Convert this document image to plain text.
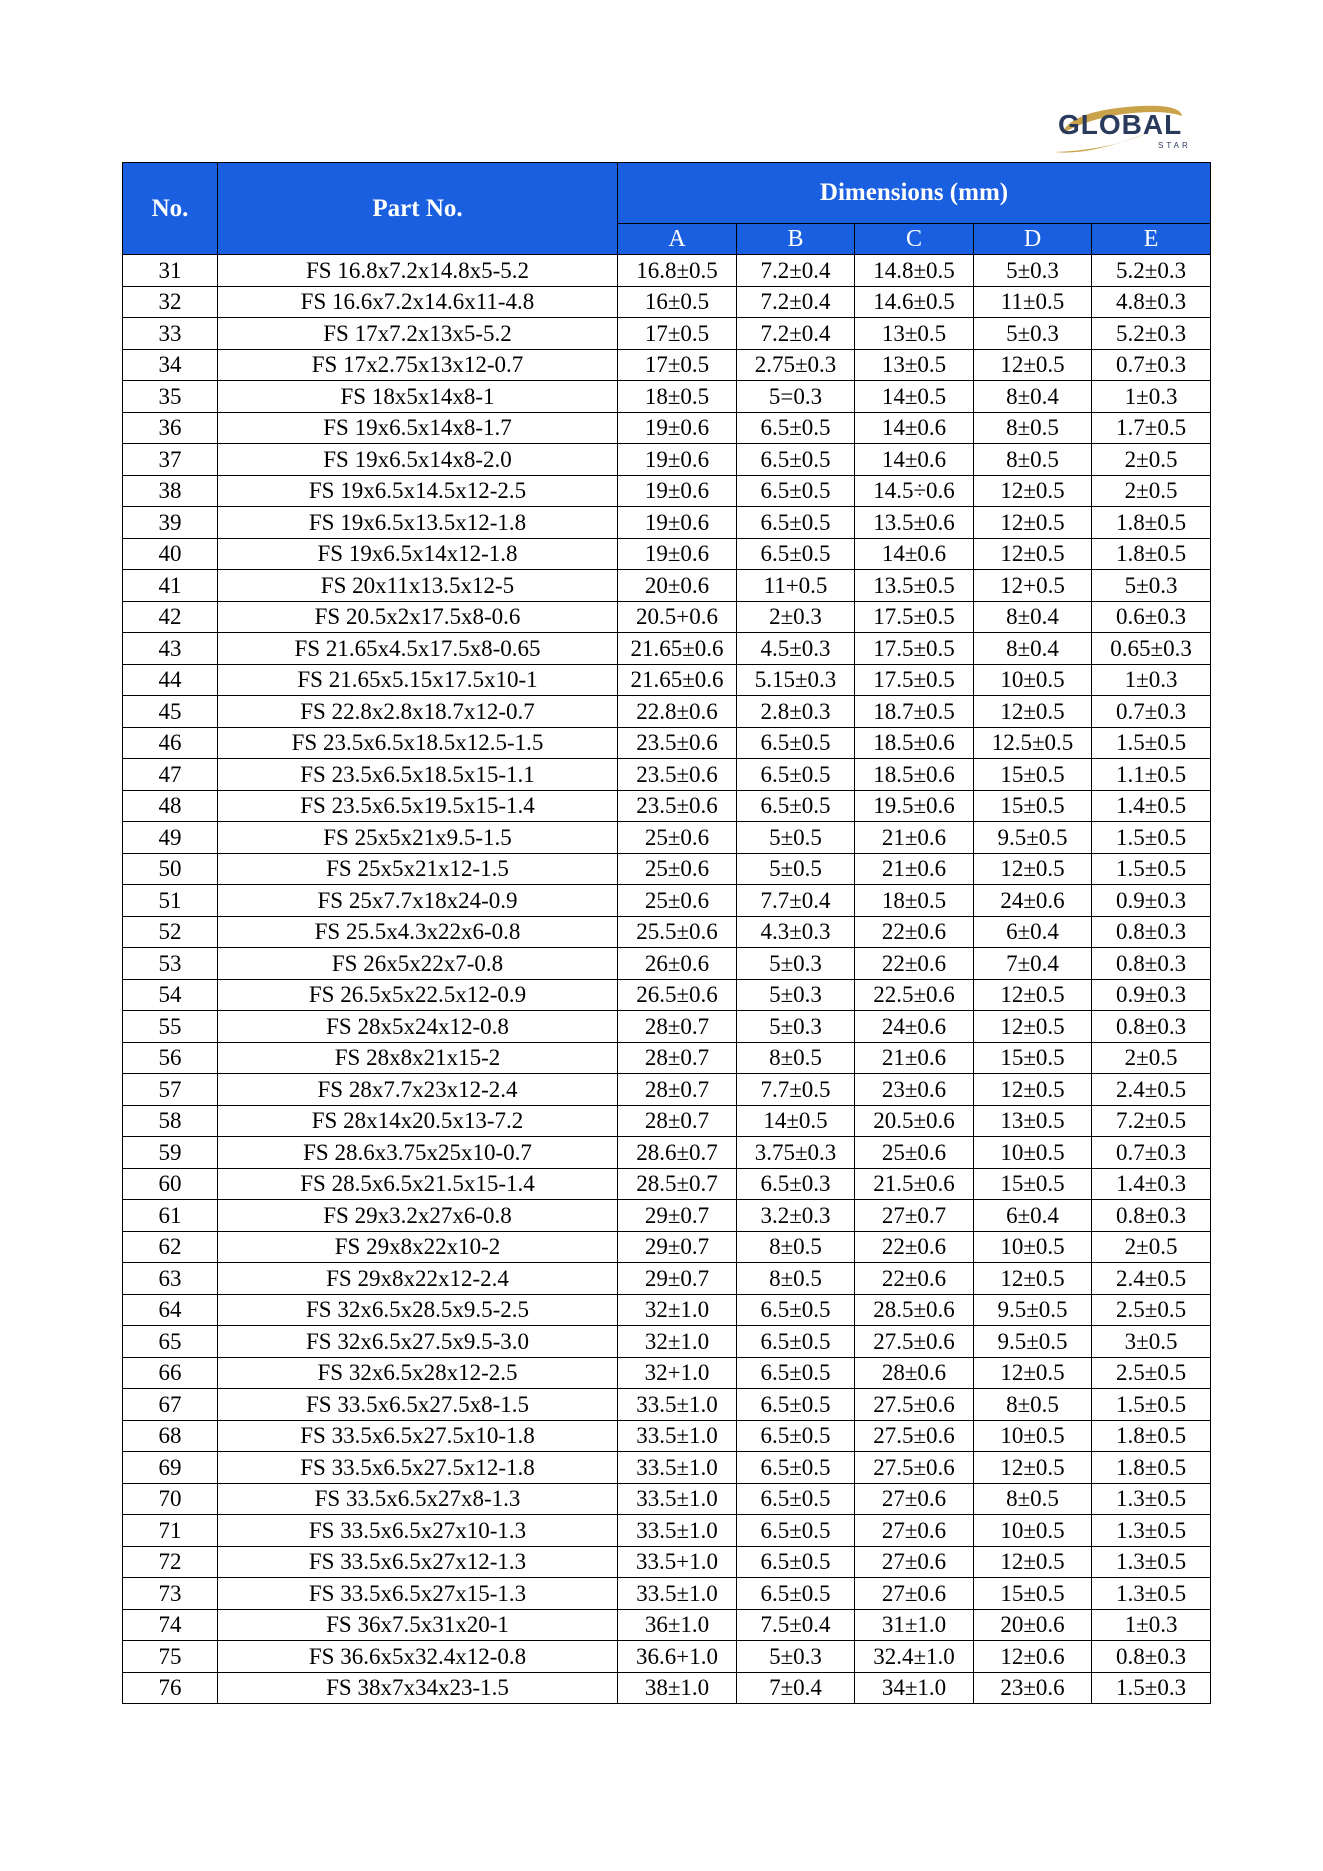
GLOBAL
STAR
No.	Part No.	Dimensions (mm)				
		A	B	C	D	E
31	FS 16.8x7.2x14.8x5-5.2	16.8±0.5	7.2±0.4	14.8±0.5	5±0.3	5.2±0.3
32	FS 16.6x7.2x14.6x11-4.8	16±0.5	7.2±0.4	14.6±0.5	11±0.5	4.8±0.3
33	FS 17x7.2x13x5-5.2	17±0.5	7.2±0.4	13±0.5	5±0.3	5.2±0.3
34	FS 17x2.75x13x12-0.7	17±0.5	2.75±0.3	13±0.5	12±0.5	0.7±0.3
35	FS 18x5x14x8-1	18±0.5	5=0.3	14±0.5	8±0.4	1±0.3
36	FS 19x6.5x14x8-1.7	19±0.6	6.5±0.5	14±0.6	8±0.5	1.7±0.5
37	FS 19x6.5x14x8-2.0	19±0.6	6.5±0.5	14±0.6	8±0.5	2±0.5
38	FS 19x6.5x14.5x12-2.5	19±0.6	6.5±0.5	14.5÷0.6	12±0.5	2±0.5
39	FS 19x6.5x13.5x12-1.8	19±0.6	6.5±0.5	13.5±0.6	12±0.5	1.8±0.5
40	FS 19x6.5x14x12-1.8	19±0.6	6.5±0.5	14±0.6	12±0.5	1.8±0.5
41	FS 20x11x13.5x12-5	20±0.6	11+0.5	13.5±0.5	12+0.5	5±0.3
42	FS 20.5x2x17.5x8-0.6	20.5+0.6	2±0.3	17.5±0.5	8±0.4	0.6±0.3
43	FS 21.65x4.5x17.5x8-0.65	21.65±0.6	4.5±0.3	17.5±0.5	8±0.4	0.65±0.3
44	FS 21.65x5.15x17.5x10-1	21.65±0.6	5.15±0.3	17.5±0.5	10±0.5	1±0.3
45	FS 22.8x2.8x18.7x12-0.7	22.8±0.6	2.8±0.3	18.7±0.5	12±0.5	0.7±0.3
46	FS 23.5x6.5x18.5x12.5-1.5	23.5±0.6	6.5±0.5	18.5±0.6	12.5±0.5	1.5±0.5
47	FS 23.5x6.5x18.5x15-1.1	23.5±0.6	6.5±0.5	18.5±0.6	15±0.5	1.1±0.5
48	FS 23.5x6.5x19.5x15-1.4	23.5±0.6	6.5±0.5	19.5±0.6	15±0.5	1.4±0.5
49	FS 25x5x21x9.5-1.5	25±0.6	5±0.5	21±0.6	9.5±0.5	1.5±0.5
50	FS 25x5x21x12-1.5	25±0.6	5±0.5	21±0.6	12±0.5	1.5±0.5
51	FS 25x7.7x18x24-0.9	25±0.6	7.7±0.4	18±0.5	24±0.6	0.9±0.3
52	FS 25.5x4.3x22x6-0.8	25.5±0.6	4.3±0.3	22±0.6	6±0.4	0.8±0.3
53	FS 26x5x22x7-0.8	26±0.6	5±0.3	22±0.6	7±0.4	0.8±0.3
54	FS 26.5x5x22.5x12-0.9	26.5±0.6	5±0.3	22.5±0.6	12±0.5	0.9±0.3
55	FS 28x5x24x12-0.8	28±0.7	5±0.3	24±0.6	12±0.5	0.8±0.3
56	FS 28x8x21x15-2	28±0.7	8±0.5	21±0.6	15±0.5	2±0.5
57	FS 28x7.7x23x12-2.4	28±0.7	7.7±0.5	23±0.6	12±0.5	2.4±0.5
58	FS 28x14x20.5x13-7.2	28±0.7	14±0.5	20.5±0.6	13±0.5	7.2±0.5
59	FS 28.6x3.75x25x10-0.7	28.6±0.7	3.75±0.3	25±0.6	10±0.5	0.7±0.3
60	FS 28.5x6.5x21.5x15-1.4	28.5±0.7	6.5±0.3	21.5±0.6	15±0.5	1.4±0.3
61	FS 29x3.2x27x6-0.8	29±0.7	3.2±0.3	27±0.7	6±0.4	0.8±0.3
62	FS 29x8x22x10-2	29±0.7	8±0.5	22±0.6	10±0.5	2±0.5
63	FS 29x8x22x12-2.4	29±0.7	8±0.5	22±0.6	12±0.5	2.4±0.5
64	FS 32x6.5x28.5x9.5-2.5	32±1.0	6.5±0.5	28.5±0.6	9.5±0.5	2.5±0.5
65	FS 32x6.5x27.5x9.5-3.0	32±1.0	6.5±0.5	27.5±0.6	9.5±0.5	3±0.5
66	FS 32x6.5x28x12-2.5	32+1.0	6.5±0.5	28±0.6	12±0.5	2.5±0.5
67	FS 33.5x6.5x27.5x8-1.5	33.5±1.0	6.5±0.5	27.5±0.6	8±0.5	1.5±0.5
68	FS 33.5x6.5x27.5x10-1.8	33.5±1.0	6.5±0.5	27.5±0.6	10±0.5	1.8±0.5
69	FS 33.5x6.5x27.5x12-1.8	33.5±1.0	6.5±0.5	27.5±0.6	12±0.5	1.8±0.5
70	FS 33.5x6.5x27x8-1.3	33.5±1.0	6.5±0.5	27±0.6	8±0.5	1.3±0.5
71	FS 33.5x6.5x27x10-1.3	33.5±1.0	6.5±0.5	27±0.6	10±0.5	1.3±0.5
72	FS 33.5x6.5x27x12-1.3	33.5+1.0	6.5±0.5	27±0.6	12±0.5	1.3±0.5
73	FS 33.5x6.5x27x15-1.3	33.5±1.0	6.5±0.5	27±0.6	15±0.5	1.3±0.5
74	FS 36x7.5x31x20-1	36±1.0	7.5±0.4	31±1.0	20±0.6	1±0.3
75	FS 36.6x5x32.4x12-0.8	36.6+1.0	5±0.3	32.4±1.0	12±0.6	0.8±0.3
76	FS 38x7x34x23-1.5	38±1.0	7±0.4	34±1.0	23±0.6	1.5±0.3
